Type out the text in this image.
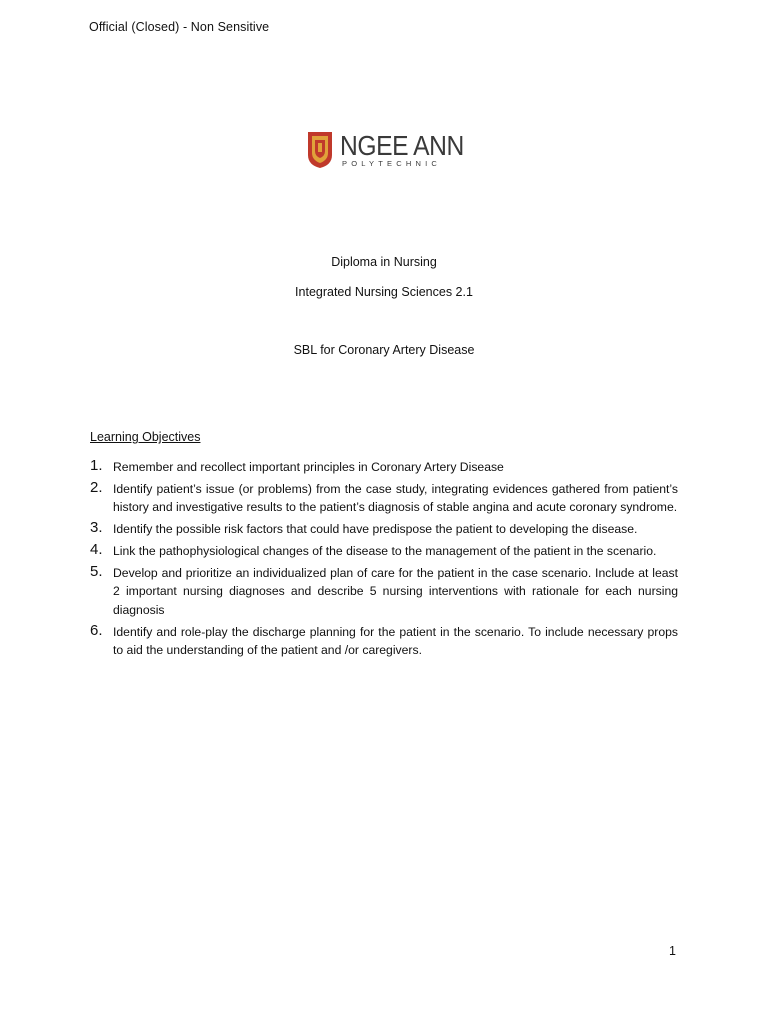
Official (Closed) - Non Sensitive
NGEE ANN
POLYTECHNIC
Diploma in Nursing
Integrated Nursing Sciences 2.1
SBL for Coronary Artery Disease
Learning Objectives
1. Remember and recollect important principles in Coronary Artery Disease
2. Identify patient’s issue (or problems) from the case study, integrating evidences gathered from patient’s history and investigative results to the patient’s diagnosis of stable angina and acute coronary syndrome.
3. Identify the possible risk factors that could have predispose the patient to developing the disease.
4. Link the pathophysiological changes of the disease to the management of the patient in the scenario.
5. Develop and prioritize an individualized plan of care for the patient in the case scenario. Include at least 2 important nursing diagnoses and describe 5 nursing interventions with rationale for each nursing diagnosis
6. Identify and role-play the discharge planning for the patient in the scenario. To include necessary props to aid the understanding of the patient and /or caregivers.
1
